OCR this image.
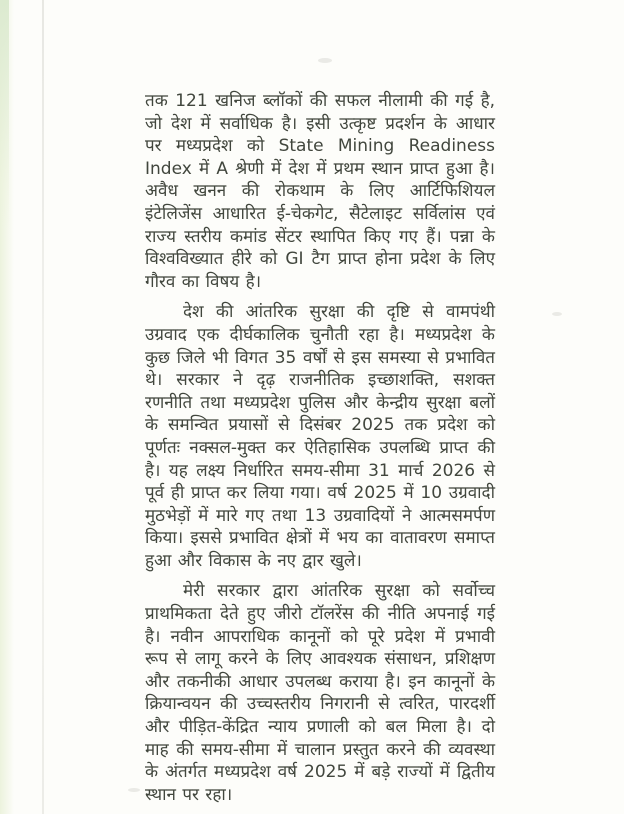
तक 121 खनिज ब्लॉकों की सफल नीलामी की गई है, जो देश में सर्वाधिक है। इसी उत्कृष्ट प्रदर्शन के आधार पर मध्यप्रदेश को State Mining Readiness Index में A श्रेणी में देश में प्रथम स्थान प्राप्त हुआ है। अवैध खनन की रोकथाम के लिए आर्टिफिशियल इंटेलिजेंस आधारित ई-चेकगेट, सैटेलाइट सर्विलांस एवं राज्य स्तरीय कमांड सेंटर स्थापित किए गए हैं। पन्ना के विश्वविख्यात हीरे को GI टैग प्राप्त होना प्रदेश के लिए गौरव का विषय है।

देश की आंतरिक सुरक्षा की दृष्टि से वामपंथी उग्रवाद एक दीर्घकालिक चुनौती रहा है। मध्यप्रदेश के कुछ जिले भी विगत 35 वर्षों से इस समस्या से प्रभावित थे। सरकार ने दृढ़ राजनीतिक इच्छाशक्ति, सशक्त रणनीति तथा मध्यप्रदेश पुलिस और केन्द्रीय सुरक्षा बलों के समन्वित प्रयासों से दिसंबर 2025 तक प्रदेश को पूर्णतः नक्सल-मुक्त कर ऐतिहासिक उपलब्धि प्राप्त की है। यह लक्ष्य निर्धारित समय-सीमा 31 मार्च 2026 से पूर्व ही प्राप्त कर लिया गया। वर्ष 2025 में 10 उग्रवादी मुठभेड़ों में मारे गए तथा 13 उग्रवादियों ने आत्मसमर्पण किया। इससे प्रभावित क्षेत्रों में भय का वातावरण समाप्त हुआ और विकास के नए द्वार खुले।

मेरी सरकार द्वारा आंतरिक सुरक्षा को सर्वोच्च प्राथमिकता देते हुए जीरो टॉलरेंस की नीति अपनाई गई है। नवीन आपराधिक कानूनों को पूरे प्रदेश में प्रभावी रूप से लागू करने के लिए आवश्यक संसाधन, प्रशिक्षण और तकनीकी आधार उपलब्ध कराया है। इन कानूनों के क्रियान्वयन की उच्चस्तरीय निगरानी से त्वरित, पारदर्शी और पीड़ित-केंद्रित न्याय प्रणाली को बल मिला है। दो माह की समय-सीमा में चालान प्रस्तुत करने की व्यवस्था के अंतर्गत मध्यप्रदेश वर्ष 2025 में बड़े राज्यों में द्वितीय स्थान पर रहा।
